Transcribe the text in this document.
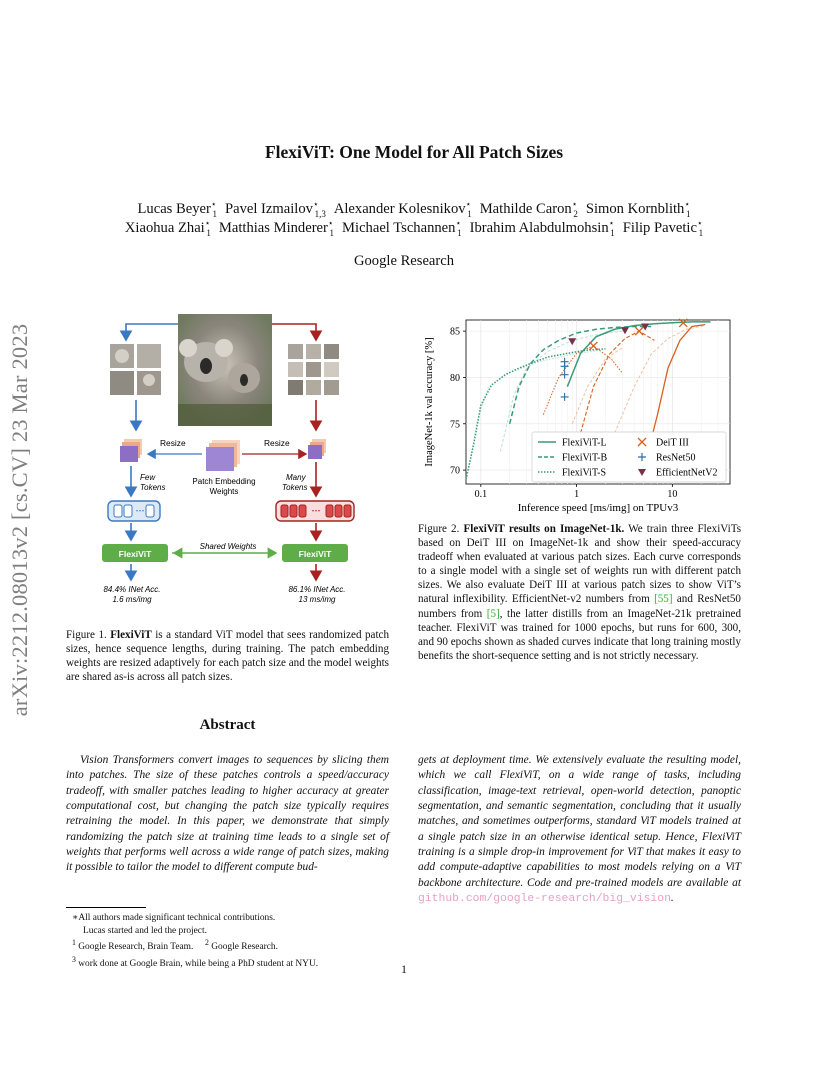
arXiv:2212.08013v2 [cs.CV] 23 Mar 2023
FlexiViT: One Model for All Patch Sizes
Lucas Beyer⋆$_1$ Pavel Izmailov⋆$_{1,3}$ Alexander Kolesnikov⋆$_1$ Mathilde Caron⋆$_2$ Simon Kornblith⋆$_1$
Xiaohua Zhai⋆$_1$ Matthias Minderer⋆$_1$ Michael Tschannen⋆$_1$ Ibrahim Alabdulmohsin⋆$_1$ Filip Pavetic⋆$_1$
Google Research
Resize	Resize
Few
Tokens
Many
Tokens
Patch Embedding
Weights
···	···
FlexiViT	FlexiViT
Shared Weights
84.4% INet Acc.
1.6 ms/img
86.1% INet Acc.
13 ms/img
Figure 1. FlexiViT is a standard ViT model that sees randomized patch sizes, hence sequence lengths, during training. The patch embedding weights are resized adaptively for each patch size and the model weights are shared as-is across all patch sizes.
70
75
80
85
0.1	1	10
Inference speed [ms/img] on TPUv3
ImageNet-1k val accuracy [%]	FlexiViT-L
FlexiViT-B
FlexiViT-S
DeiT III
ResNet50
EfficientNetV2
Figure 2. FlexiViT results on ImageNet-1k. We train three FlexiViTs based on DeiT III on ImageNet-1k and show their speed-accuracy tradeoff when evaluated at various patch sizes. Each curve corresponds to a single model with a single set of weights run with different patch sizes. We also evaluate DeiT III at various patch sizes to show ViT’s natural inflexibility. EfficientNet-v2 numbers from [55] and ResNet50 numbers from [5], the latter distills from an ImageNet-21k pretrained teacher. FlexiViT was trained for 1000 epochs, but runs for 600, 300, and 90 epochs shown as shaded curves indicate that long training mostly benefits the short-sequence setting and is not strictly necessary.
Abstract
Vision Transformers convert images to sequences by slicing them into patches. The size of these patches controls a speed/accuracy tradeoff, with smaller patches leading to higher accuracy at greater computational cost, but changing the patch size typically requires retraining the model. In this paper, we demonstrate that simply randomizing the patch size at training time leads to a single set of weights that performs well across a wide range of patch sizes, making it possible to tailor the model to different compute bud-
gets at deployment time. We extensively evaluate the resulting model, which we call FlexiViT, on a wide range of tasks, including classification, image-text retrieval, open-world detection, panoptic segmentation, and semantic segmentation, concluding that it usually matches, and sometimes outperforms, standard ViT models trained at a single patch size in an otherwise identical setup. Hence, FlexiViT training is a simple drop-in improvement for ViT that makes it easy to add compute-adaptive capabilities to most models relying on a ViT backbone architecture. Code and pre-trained models are available at github.com/google-research/big_vision.
∗All authors made significant technical contributions.
Lucas started and led the project.
$^1$ Google Research, Brain Team. $^2$ Google Research.
$^3$ work done at Google Brain, while being a PhD student at NYU.	1
